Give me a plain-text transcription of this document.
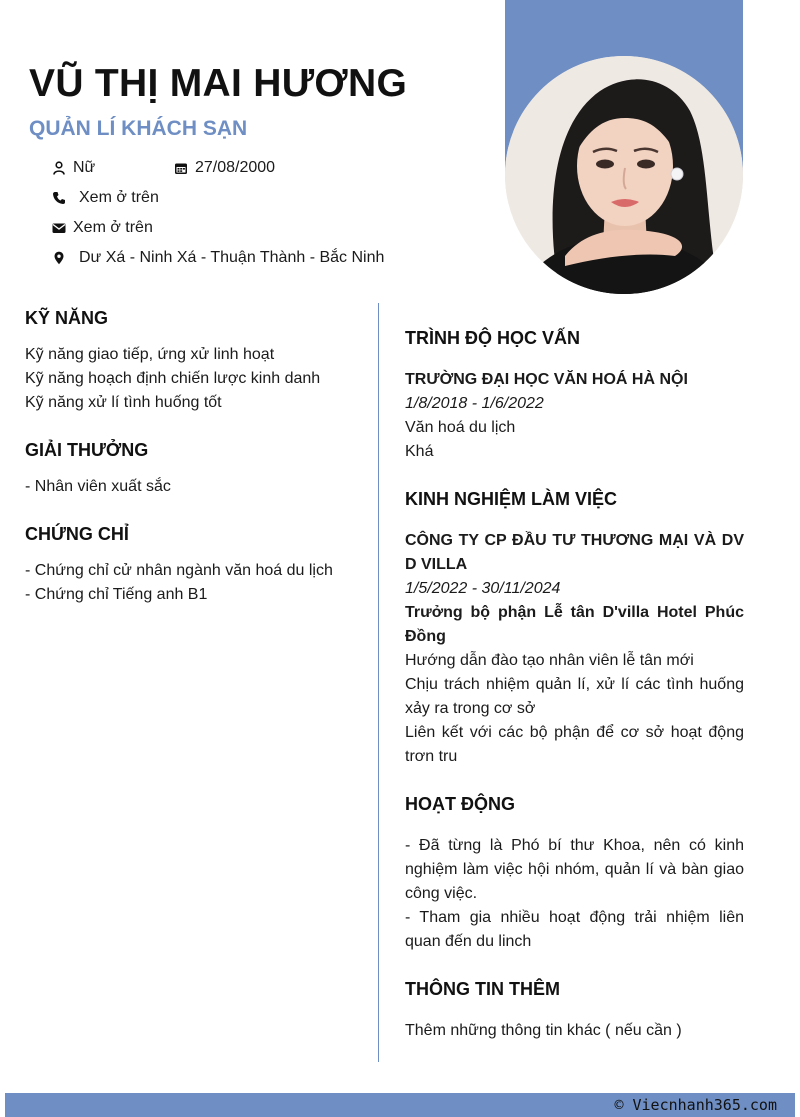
VŨ THỊ MAI HƯƠNG
QUẢN LÍ KHÁCH SẠN
Nữ	27/08/2000
Xem ở trên
Xem ở trên
Dư Xá - Ninh Xá - Thuận Thành - Bắc Ninh
KỸ NĂNG
Kỹ năng giao tiếp, ứng xử linh hoạt
Kỹ năng hoạch định chiến lược kinh danh
Kỹ năng xử lí tình huống tốt
GIẢI THƯỞNG
- Nhân viên xuất sắc
CHỨNG CHỈ
- Chứng chỉ cử nhân ngành văn hoá du lịch
- Chứng chỉ Tiếng anh B1
TRÌNH ĐỘ HỌC VẤN
TRƯỜNG ĐẠI HỌC VĂN HOÁ HÀ NỘI
1/8/2018 - 1/6/2022
Văn hoá du lịch
Khá
KINH NGHIỆM LÀM VIỆC
CÔNG TY CP ĐẦU TƯ THƯƠNG MẠI VÀ DV D VILLA
1/5/2022 - 30/11/2024
Trưởng bộ phận Lễ tân D'villa Hotel Phúc Đồng
Hướng dẫn đào tạo nhân viên lễ tân mới
Chịu trách nhiệm quản lí, xử lí các tình huống xảy ra trong cơ sở
Liên kết với các bộ phận để cơ sở hoạt động trơn tru
HOẠT ĐỘNG
- Đã từng là Phó bí thư Khoa, nên có kinh nghiệm làm việc hội nhóm, quản lí và bàn giao công việc.
- Tham gia nhiều hoạt động trải nhiệm liên quan đến du linch
THÔNG TIN THÊM
Thêm những thông tin khác ( nếu cần )
© Viecnhanh365.com
